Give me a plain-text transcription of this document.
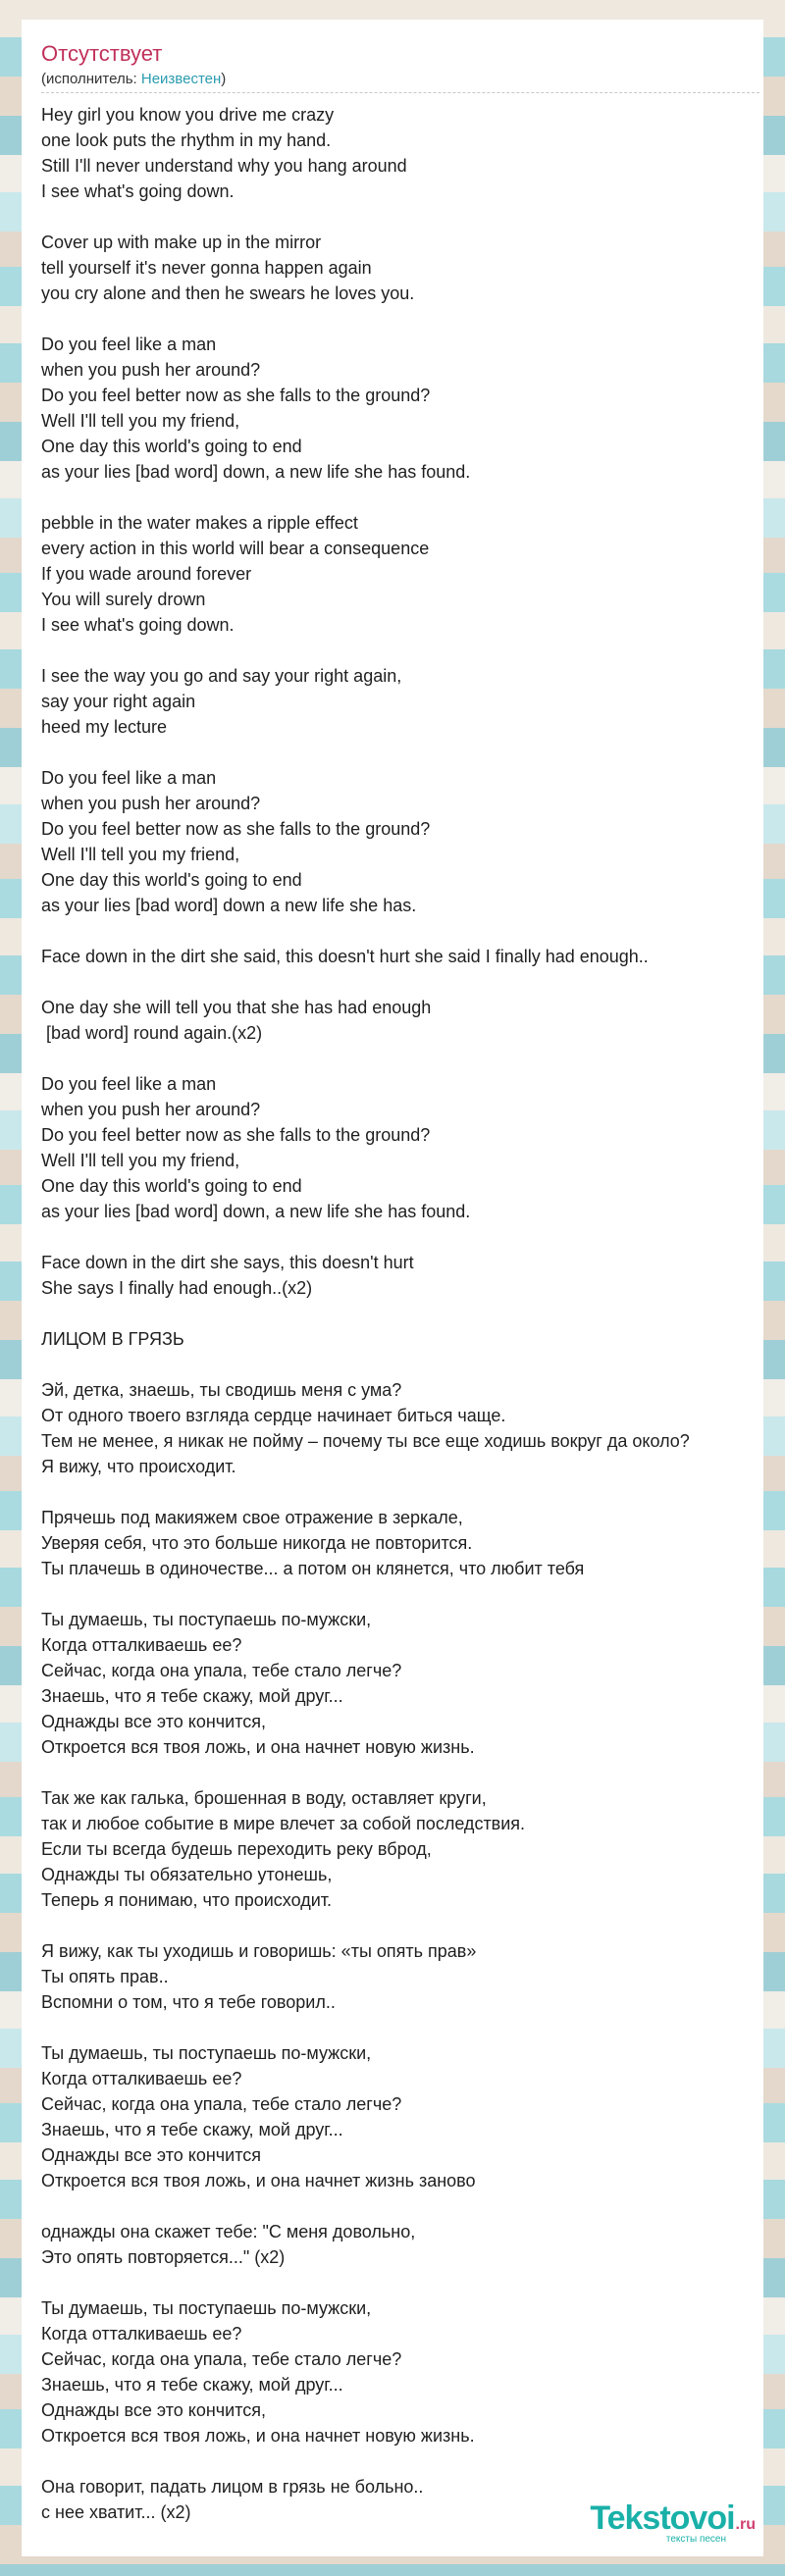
Отсутствует
(исполнитель: Неизвестен)
Hey girl you know you drive me crazy
one look puts the rhythm in my hand.
Still I'll never understand why you hang around
I see what's going down.

Cover up with make up in the mirror
tell yourself it's never gonna happen again
you cry alone and then he swears he loves you.

Do you feel like a man
when you push her around?
Do you feel better now as she falls to the ground?
Well I'll tell you my friend,
One day this world's going to end
as your lies [bad word] down, a new life she has found.

pebble in the water makes a ripple effect
every action in this world will bear a consequence
If you wade around forever
You will surely drown
I see what's going down.

I see the way you go and say your right again,
say your right again
heed my lecture

Do you feel like a man
when you push her around?
Do you feel better now as she falls to the ground?
Well I'll tell you my friend,
One day this world's going to end
as your lies [bad word] down a new life she has.

Face down in the dirt she said, this doesn't hurt she said I finally had enough..

One day she will tell you that she has had enough
[bad word] round again.(x2)

Do you feel like a man
when you push her around?
Do you feel better now as she falls to the ground?
Well I'll tell you my friend,
One day this world's going to end
as your lies [bad word] down, a new life she has found.

Face down in the dirt she says, this doesn't hurt
She says I finally had enough..(x2)

ЛИЦОМ В ГРЯЗЬ

Эй, детка, знаешь, ты сводишь меня с ума?
От одного твоего взгляда сердце начинает биться чаще.
Тем не менее, я никак не пойму – почему ты все еще ходишь вокруг да около?
Я вижу, что происходит.

Прячешь под макияжем свое отражение в зеркале,
Уверяя себя, что это больше никогда не повторится.
Ты плачешь в одиночестве... а потом он клянется, что любит тебя

Ты думаешь, ты поступаешь по-мужски,
Когда отталкиваешь ее?
Сейчас, когда она упала, тебе стало легче?
Знаешь, что я тебе скажу, мой друг...
Однажды все это кончится,
Откроется вся твоя ложь, и она начнет новую жизнь.

Так же как галька, брошенная в воду, оставляет круги,
так и любое событие в мире влечет за собой последствия.
Если ты всегда будешь переходить реку вброд,
Однажды ты обязательно утонешь,
Теперь я понимаю, что происходит.

Я вижу, как ты уходишь и говоришь: «ты опять прав»
Ты опять прав..
Вспомни о том, что я тебе говорил..

Ты думаешь, ты поступаешь по-мужски,
Когда отталкиваешь ее?
Сейчас, когда она упала, тебе стало легче?
Знаешь, что я тебе скажу, мой друг...
Однажды все это кончится
Откроется вся твоя ложь, и она начнет жизнь заново

однажды она скажет тебе: "С меня довольно,
Это опять повторяется..." (x2)

Ты думаешь, ты поступаешь по-мужски,
Когда отталкиваешь ее?
Сейчас, когда она упала, тебе стало легче?
Знаешь, что я тебе скажу, мой друг...
Однажды все это кончится,
Откроется вся твоя ложь, и она начнет новую жизнь.

Она говорит, падать лицом в грязь не больно..
с нее хватит... (x2)	Tekstovoi.ru
тексты песен
